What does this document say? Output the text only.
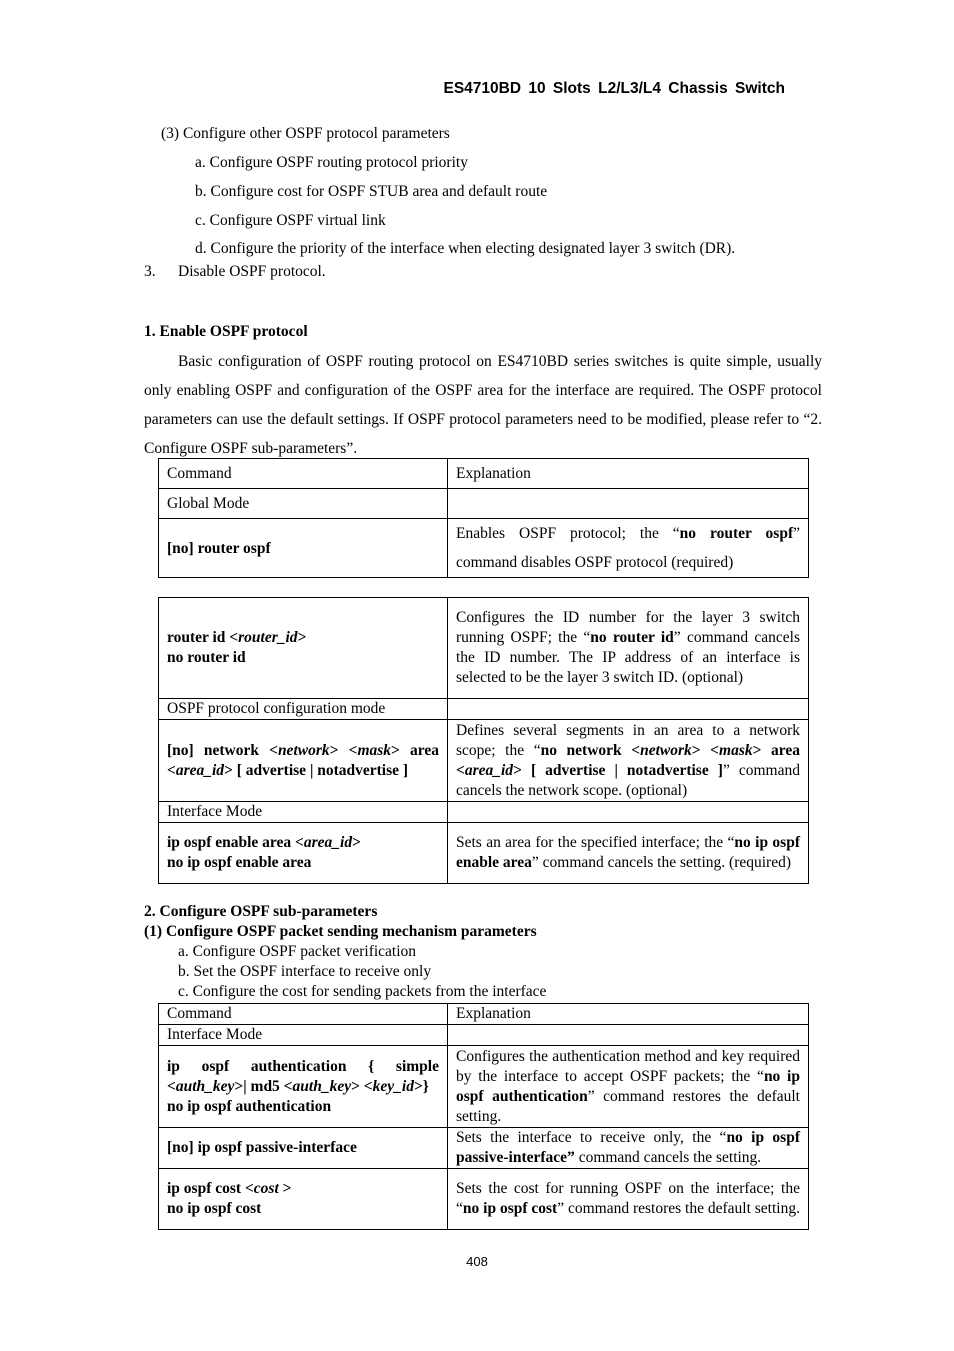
ES4710BD 10 Slots L2/L3/L4 Chassis Switch
(3) Configure other OSPF protocol parameters
a. Configure OSPF routing protocol priority
b. Configure cost for OSPF STUB area and default route
c. Configure OSPF virtual link
d. Configure the priority of the interface when electing designated layer 3 switch (DR).
3. Disable OSPF protocol.
1. Enable OSPF protocol

Basic configuration of OSPF routing protocol on ES4710BD series switches is quite simple, usually only enabling OSPF and configuration of the OSPF area for the interface are required. The OSPF protocol parameters can use the default settings. If OSPF protocol parameters need to be modified, please refer to “2. Configure OSPF sub-parameters”.

Command	Explanation
Global Mode	
[no] router ospf	Enables OSPF protocol; the “no router ospf” command disables OSPF protocol (required)
router id <router_id>
no router id	Configures the ID number for the layer 3 switch running OSPF; the “no router id” command cancels the ID number. The IP address of an interface is selected to be the layer 3 switch ID. (optional)
OSPF protocol configuration mode	
[no] network <network> <mask> area <area_id> [ advertise | notadvertise ]	Defines several segments in an area to a network scope; the “no network <network> <mask> area <area_id> [ advertise | notadvertise ]” command cancels the network scope. (optional)
Interface Mode	
ip ospf enable area <area_id>
no ip ospf enable area	Sets an area for the specified interface; the “no ip ospf enable area” command cancels the setting. (required)
2. Configure OSPF sub-parameters
(1) Configure OSPF packet sending mechanism parameters
a. Configure OSPF packet verification
b. Set the OSPF interface to receive only
c. Configure the cost for sending packets from the interface
Command	Explanation
Interface Mode	
ip ospf authentication { simple <auth_key>| md5 <auth_key> <key_id>}
no ip ospf authentication	Configures the authentication method and key required by the interface to accept OSPF packets; the “no ip ospf authentication” command restores the default setting.
[no] ip ospf passive-interface	Sets the interface to receive only, the “no ip ospf passive-interface” command cancels the setting.
ip ospf cost <cost >
no ip ospf cost	Sets the cost for running OSPF on the interface; the “no ip ospf cost” command restores the default setting.
408
